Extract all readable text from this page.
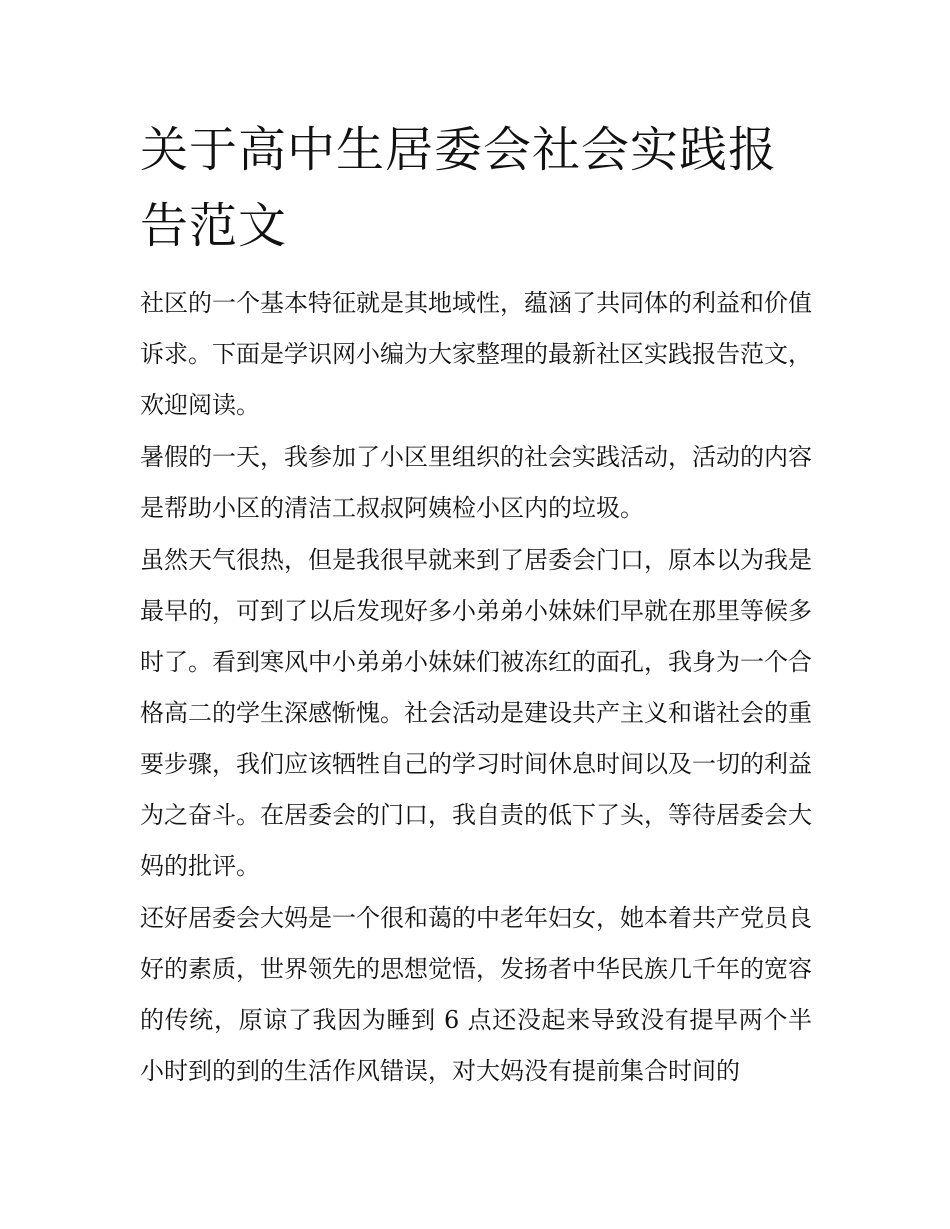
关于高中生居委会社会实践报告范文

社区的一个基本特征就是其地域性，蕴涵了共同体的利益和价值诉求。下面是学识网小编为大家整理的最新社区实践报告范文，欢迎阅读。

暑假的一天，我参加了小区里组织的社会实践活动，活动的内容是帮助小区的清洁工叔叔阿姨检小区内的垃圾。

虽然天气很热，但是我很早就来到了居委会门口，原本以为我是最早的，可到了以后发现好多小弟弟小妹妹们早就在那里等候多时了。看到寒风中小弟弟小妹妹们被冻红的面孔，我身为一个合格高二的学生深感惭愧。社会活动是建设共产主义和谐社会的重要步骤，我们应该牺牲自己的学习时间休息时间以及一切的利益为之奋斗。在居委会的门口，我自责的低下了头，等待居委会大妈的批评。

还好居委会大妈是一个很和蔼的中老年妇女，她本着共产党员良好的素质，世界领先的思想觉悟，发扬者中华民族几千年的宽容的传统，原谅了我因为睡到 6 点还没起来导致没有提早两个半小时到的到的生活作风错误，对大妈没有提前集合时间的
